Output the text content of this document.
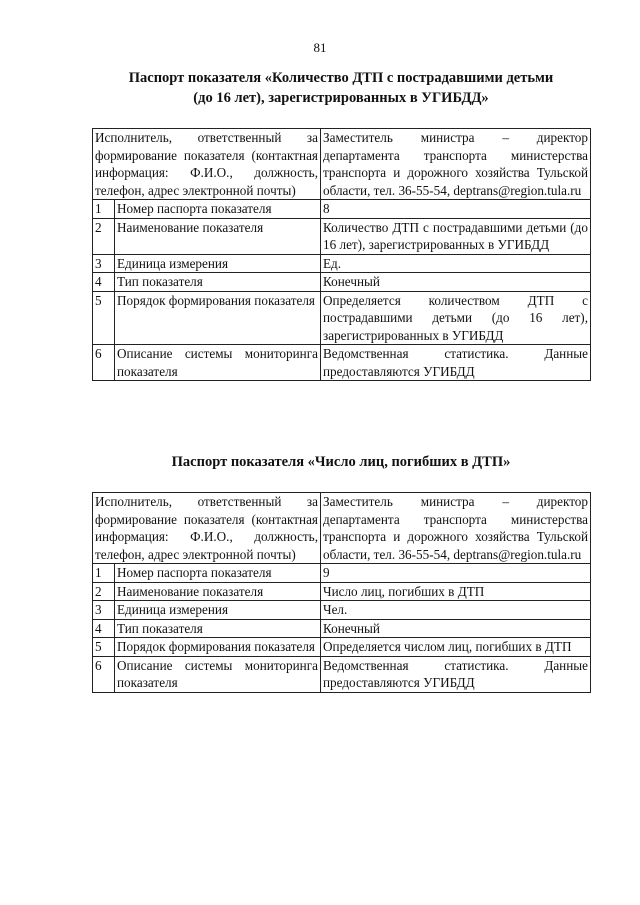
81
Паспорт показателя «Количество ДТП с пострадавшими детьми
(до 16 лет), зарегистрированных в УГИБДД»
Исполнитель, ответственный за формирование показателя (контактная информация: Ф.И.О., должность, телефон, адрес электронной почты)		Заместитель министра – директор департамента транспорта министерства транспорта и дорожного хозяйства Тульской области, тел. 36-55-54, deptrans@region.tula.ru
1	Номер паспорта показателя	8
2	Наименование показателя	Количество ДТП с пострадавшими детьми (до 16 лет), зарегистрированных в УГИБДД
3	Единица измерения	Ед.
4	Тип показателя	Конечный
5	Порядок формирования показателя	Определяется количеством ДТП с пострадавшими детьми (до 16 лет), зарегистрированных в УГИБДД
6	Описание системы мониторинга показателя	Ведомственная статистика. Данные предоставляются УГИБДД
Паспорт показателя «Число лиц, погибших в ДТП»
Исполнитель, ответственный за формирование показателя (контактная информация: Ф.И.О., должность, телефон, адрес электронной почты)		Заместитель министра – директор департамента транспорта министерства транспорта и дорожного хозяйства Тульской области, тел. 36-55-54, deptrans@region.tula.ru
1	Номер паспорта показателя	9
2	Наименование показателя	Число лиц, погибших в ДТП
3	Единица измерения	Чел.
4	Тип показателя	Конечный
5	Порядок формирования показателя	Определяется числом лиц, погибших в ДТП
6	Описание системы мониторинга показателя	Ведомственная статистика. Данные предоставляются УГИБДД
